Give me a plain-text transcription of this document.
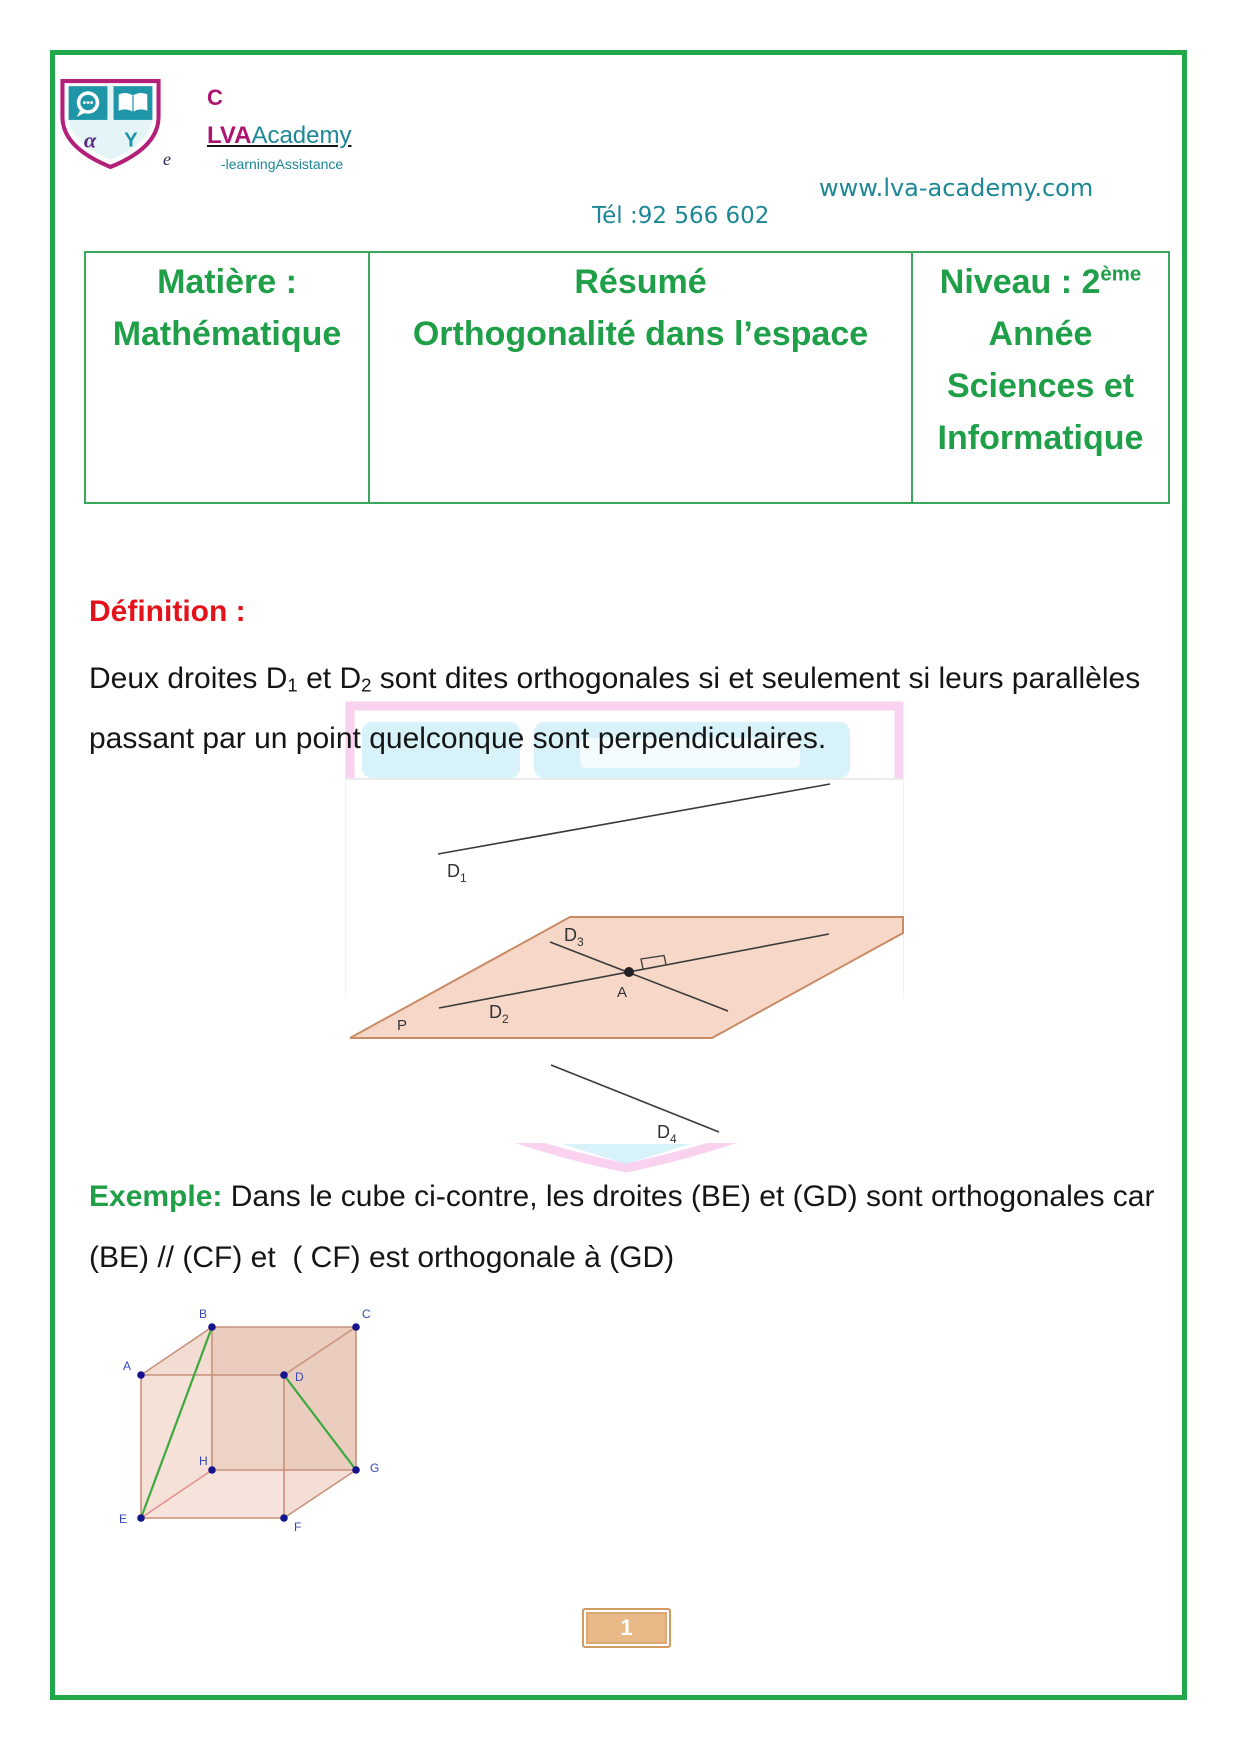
α Y
C
LVAAcademy
e	-learningAssistance
www.lva-academy.com
Tél :92 566 602
Matière :
Mathématique
Résumé
Orthogonalité dans l’espace
Niveau : 2ème
Année
Sciences et
Informatique
Définition :
Deux droites D1 et D2 sont dites orthogonales si et seulement si leurs parallèles
passant par un point quelconque sont perpendiculaires.
$D_1$
$D_3$
A
$D_2$
P
$D_4$
Exemple: Dans le cube ci-contre, les droites (BE) et (GD) sont orthogonales car
(BE) // (CF) et  ( CF) est orthogonale à (GD)
A
B	C
D
E
F
G
H
1
